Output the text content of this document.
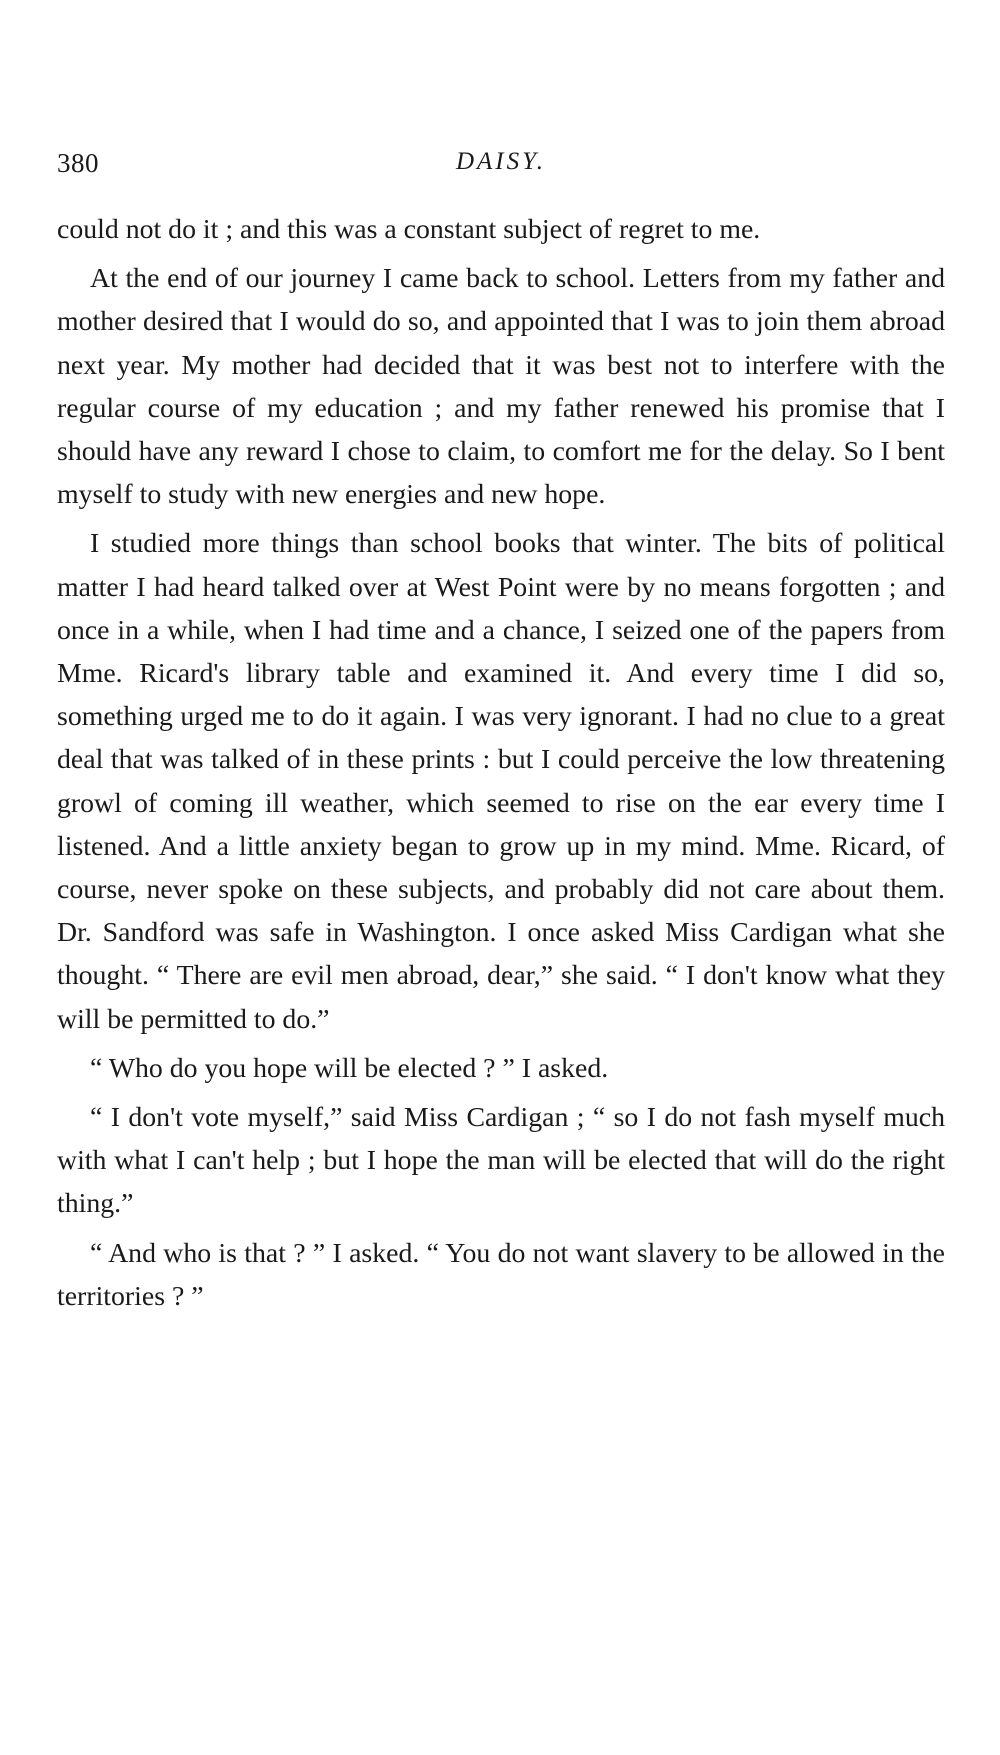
380	DAISY.

could not do it ; and this was a constant subject of regret to me.

At the end of our journey I came back to school. Letters from my father and mother desired that I would do so, and appointed that I was to join them abroad next year. My mother had decided that it was best not to interfere with the regular course of my education ; and my father renewed his promise that I should have any reward I chose to claim, to comfort me for the delay. So I bent myself to study with new energies and new hope.

I studied more things than school books that winter. The bits of political matter I had heard talked over at West Point were by no means forgotten ; and once in a while, when I had time and a chance, I seized one of the papers from Mme. Ricard's library table and examined it. And every time I did so, something urged me to do it again. I was very ignorant. I had no clue to a great deal that was talked of in these prints : but I could perceive the low threatening growl of coming ill weather, which seemed to rise on the ear every time I listened. And a little anxiety began to grow up in my mind. Mme. Ricard, of course, never spoke on these subjects, and probably did not care about them. Dr. Sandford was safe in Washington. I once asked Miss Cardigan what she thought. “ There are evil men abroad, dear,” she said. “ I don't know what they will be permitted to do.”

“ Who do you hope will be elected ? ” I asked.

“ I don't vote myself,” said Miss Cardigan ; “ so I do not fash myself much with what I can't help ; but I hope the man will be elected that will do the right thing.”

“ And who is that ? ” I asked. “ You do not want slavery to be allowed in the territories ? ”
